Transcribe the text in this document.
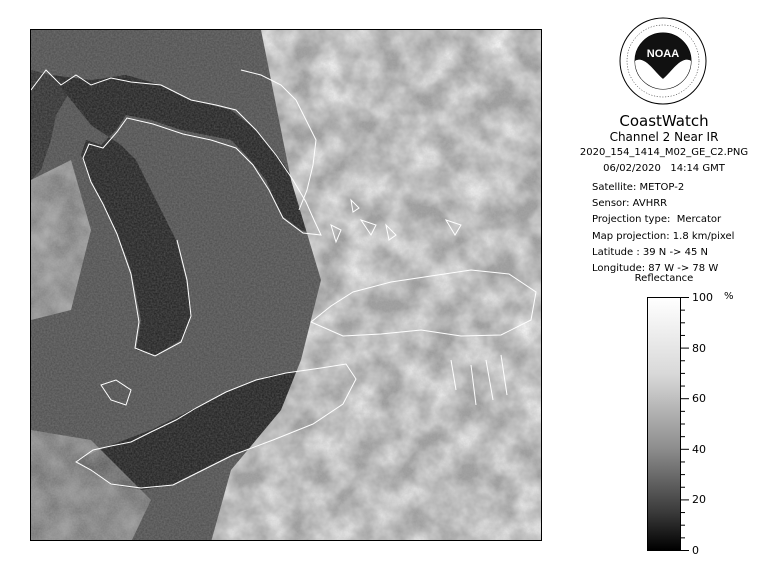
NOAA
CoastWatch
Channel 2 Near IR
2020_154_1414_M02_GE_C2.PNG
06/02/2020   14:14 GMT
Satellite: METOP-2
Sensor: AVHRR
Projection type:  Mercator
Map projection: 1.8 km/pixel
Latitude : 39 N -> 45 N
Longitude: 87 W -> 78 W
Reflectance
%
100
80
60
40
20
0
